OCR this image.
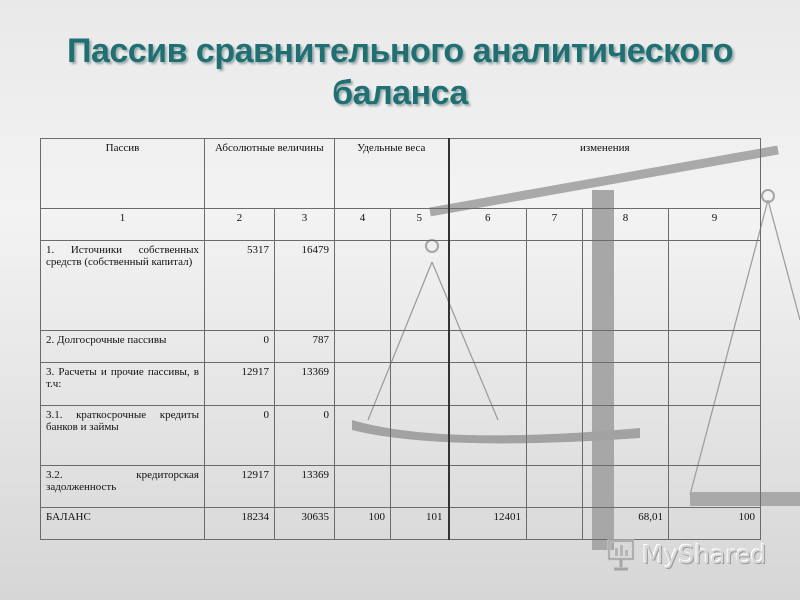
Пассив сравнительного аналитического баланса
Пассив	Абсолютные величины		Удельные веса		изменения			
1	2	3	4	5	6	7	8	9
1. Источники собственных средств (собственный капитал)	5317	16479						
2. Долгосрочные пассивы	0	787						
3. Расчеты и прочие пассивы, в т.ч:	12917	13369						
3.1. краткосрочные кредиты банков и займы	0	0						
3.2. кредиторская задолженность	12917	13369						
БАЛАНС	18234	30635	100	101	12401		68,01	100
MyShared
